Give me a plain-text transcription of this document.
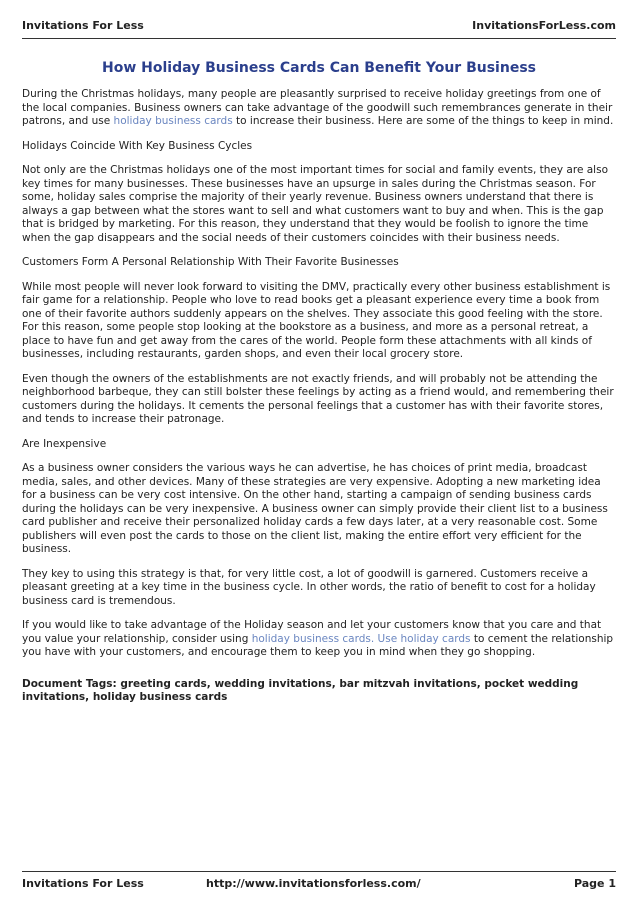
Invitations For Less	InvitationsForLess.com
How Holiday Business Cards Can Benefit Your Business

During the Christmas holidays, many people are pleasantly surprised to receive holiday greetings from one of the local companies. Business owners can take advantage of the goodwill such remembrances generate in their patrons, and use holiday business cards to increase their business. Here are some of the things to keep in mind.

Holidays Coincide With Key Business Cycles

Not only are the Christmas holidays one of the most important times for social and family events, they are also key times for many businesses. These businesses have an upsurge in sales during the Christmas season. For some, holiday sales comprise the majority of their yearly revenue. Business owners understand that there is always a gap between what the stores want to sell and what customers want to buy and when. This is the gap that is bridged by marketing. For this reason, they understand that they would be foolish to ignore the time when the gap disappears and the social needs of their customers coincides with their business needs.

Customers Form A Personal Relationship With Their Favorite Businesses

While most people will never look forward to visiting the DMV, practically every other business establishment is fair game for a relationship. People who love to read books get a pleasant experience every time a book from one of their favorite authors suddenly appears on the shelves. They associate this good feeling with the store. For this reason, some people stop looking at the bookstore as a business, and more as a personal retreat, a place to have fun and get away from the cares of the world. People form these attachments with all kinds of businesses, including restaurants, garden shops, and even their local grocery store.

Even though the owners of the establishments are not exactly friends, and will probably not be attending the neighborhood barbeque, they can still bolster these feelings by acting as a friend would, and remembering their customers during the holidays. It cements the personal feelings that a customer has with their favorite stores, and tends to increase their patronage.

Are Inexpensive

As a business owner considers the various ways he can advertise, he has choices of print media, broadcast media, sales, and other devices. Many of these strategies are very expensive. Adopting a new marketing idea for a business can be very cost intensive. On the other hand, starting a campaign of sending business cards during the holidays can be very inexpensive. A business owner can simply provide their client list to a business card publisher and receive their personalized holiday cards a few days later, at a very reasonable cost. Some publishers will even post the cards to those on the client list, making the entire effort very efficient for the business.

They key to using this strategy is that, for very little cost, a lot of goodwill is garnered. Customers receive a pleasant greeting at a key time in the business cycle. In other words, the ratio of benefit to cost for a holiday business card is tremendous.

If you would like to take advantage of the Holiday season and let your customers know that you care and that you value your relationship, consider using holiday business cards. Use holiday cards to cement the relationship you have with your customers, and encourage them to keep you in mind when they go shopping.

Document Tags: greeting cards, wedding invitations, bar mitzvah invitations, pocket wedding invitations, holiday business cards

Invitations For Less	http://www.invitationsforless.com/	Page 1
